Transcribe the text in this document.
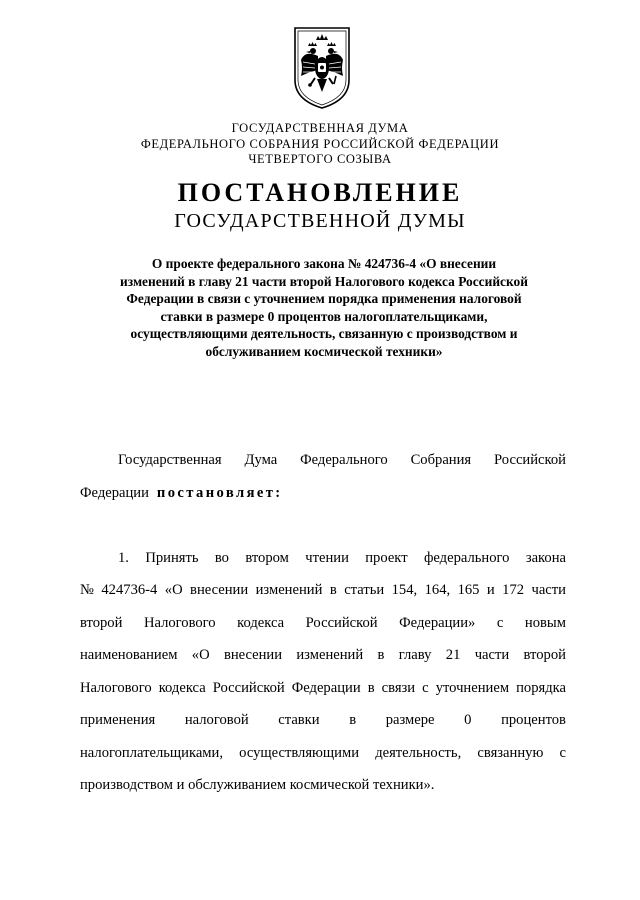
ГОСУДАРСТВЕННАЯ ДУМА
ФЕДЕРАЛЬНОГО СОБРАНИЯ РОССИЙСКОЙ ФЕДЕРАЦИИ
ЧЕТВЕРТОГО СОЗЫВА
ПОСТАНОВЛЕНИЕ
ГОСУДАРСТВЕННОЙ ДУМЫ
О проекте федерального закона № 424736-4 «О внесении
изменений в главу 21 части второй Налогового кодекса Российской
Федерации в связи с уточнением порядка применения налоговой
ставки в размере 0 процентов налогоплательщиками,
осуществляющими деятельность, связанную с производством и
обслуживанием космической техники»
Государственная Дума Федерального Собрания Российской
Федерации постановляет:
1. Принять во втором чтении проект федерального закона
№ 424736-4 «О внесении изменений в статьи 154, 164, 165 и 172 части
второй Налогового кодекса Российской Федерации» с новым
наименованием «О внесении изменений в главу 21 части второй
Налогового кодекса Российской Федерации в связи с уточнением порядка
применения налоговой ставки в размере 0 процентов
налогоплательщиками, осуществляющими деятельность, связанную с
производством и обслуживанием космической техники».
